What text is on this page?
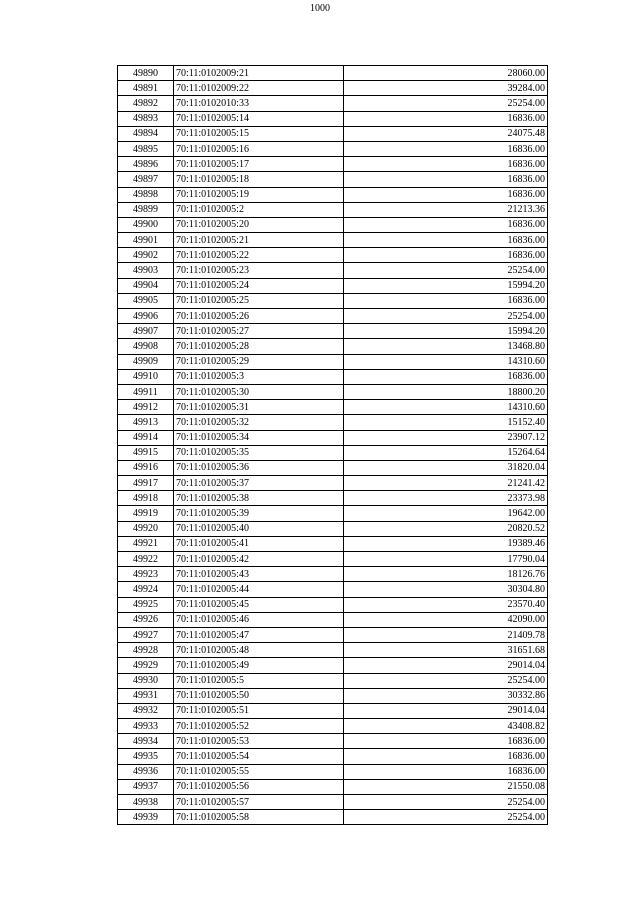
1000
49890	70:11:0102009:21	28060.00
49891	70:11:0102009:22	39284.00
49892	70:11:0102010:33	25254.00
49893	70:11:0102005:14	16836.00
49894	70:11:0102005:15	24075.48
49895	70:11:0102005:16	16836.00
49896	70:11:0102005:17	16836.00
49897	70:11:0102005:18	16836.00
49898	70:11:0102005:19	16836.00
49899	70:11:0102005:2	21213.36
49900	70:11:0102005:20	16836.00
49901	70:11:0102005:21	16836.00
49902	70:11:0102005:22	16836.00
49903	70:11:0102005:23	25254.00
49904	70:11:0102005:24	15994.20
49905	70:11:0102005:25	16836.00
49906	70:11:0102005:26	25254.00
49907	70:11:0102005:27	15994.20
49908	70:11:0102005:28	13468.80
49909	70:11:0102005:29	14310.60
49910	70:11:0102005:3	16836.00
49911	70:11:0102005:30	18800.20
49912	70:11:0102005:31	14310.60
49913	70:11:0102005:32	15152.40
49914	70:11:0102005:34	23907.12
49915	70:11:0102005:35	15264.64
49916	70:11:0102005:36	31820.04
49917	70:11:0102005:37	21241.42
49918	70:11:0102005:38	23373.98
49919	70:11:0102005:39	19642.00
49920	70:11:0102005:40	20820.52
49921	70:11:0102005:41	19389.46
49922	70:11:0102005:42	17790.04
49923	70:11:0102005:43	18126.76
49924	70:11:0102005:44	30304.80
49925	70:11:0102005:45	23570.40
49926	70:11:0102005:46	42090.00
49927	70:11:0102005:47	21409.78
49928	70:11:0102005:48	31651.68
49929	70:11:0102005:49	29014.04
49930	70:11:0102005:5	25254.00
49931	70:11:0102005:50	30332.86
49932	70:11:0102005:51	29014.04
49933	70:11:0102005:52	43408.82
49934	70:11:0102005:53	16836.00
49935	70:11:0102005:54	16836.00
49936	70:11:0102005:55	16836.00
49937	70:11:0102005:56	21550.08
49938	70:11:0102005:57	25254.00
49939	70:11:0102005:58	25254.00
